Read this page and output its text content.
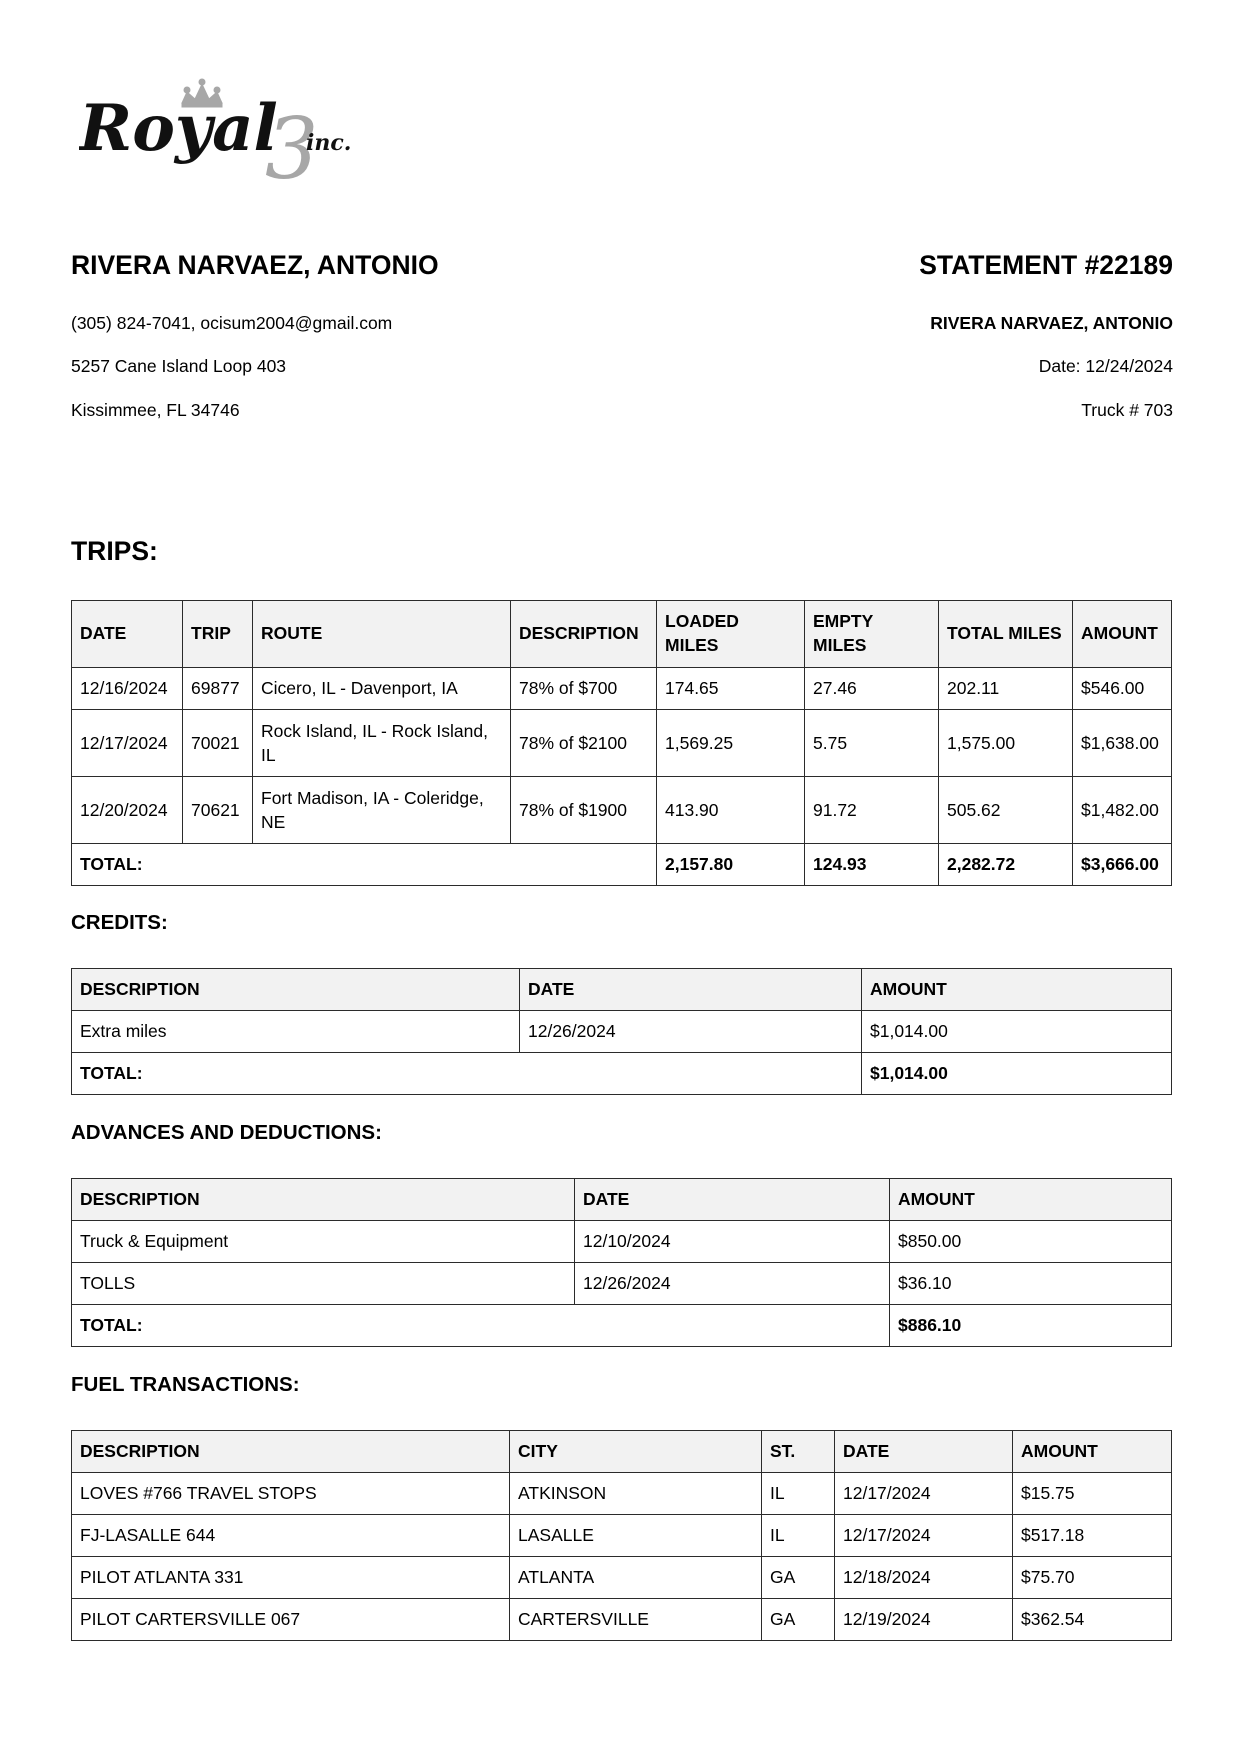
3
Royal inc.
RIVERA NARVAEZ, ANTONIO
(305) 824-7041, ocisum2004@gmail.com
5257 Cane Island Loop 403
Kissimmee, FL 34746
STATEMENT #22189
RIVERA NARVAEZ, ANTONIO
Date: 12/24/2024
Truck # 703
TRIPS:
DATE	TRIP	ROUTE	DESCRIPTION	LOADED MILES	EMPTY MILES	TOTAL MILES	AMOUNT
12/16/2024	69877	Cicero, IL - Davenport, IA	78% of $700	174.65	27.46	202.11	$546.00
12/17/2024	70021	Rock Island, IL - Rock Island, IL	78% of $2100	1,569.25	5.75	1,575.00	$1,638.00
12/20/2024	70621	Fort Madison, IA - Coleridge, NE	78% of $1900	413.90	91.72	505.62	$1,482.00
TOTAL:				2,157.80	124.93	2,282.72	$3,666.00
CREDITS:
DESCRIPTION	DATE	AMOUNT
Extra miles	12/26/2024	$1,014.00
TOTAL:		$1,014.00
ADVANCES AND DEDUCTIONS:
DESCRIPTION	DATE	AMOUNT
Truck & Equipment	12/10/2024	$850.00
TOLLS	12/26/2024	$36.10
TOTAL:		$886.10
FUEL TRANSACTIONS:
DESCRIPTION	CITY	ST.	DATE	AMOUNT
LOVES #766 TRAVEL STOPS	ATKINSON	IL	12/17/2024	$15.75
FJ-LASALLE 644	LASALLE	IL	12/17/2024	$517.18
PILOT ATLANTA 331	ATLANTA	GA	12/18/2024	$75.70
PILOT CARTERSVILLE 067	CARTERSVILLE	GA	12/19/2024	$362.54
